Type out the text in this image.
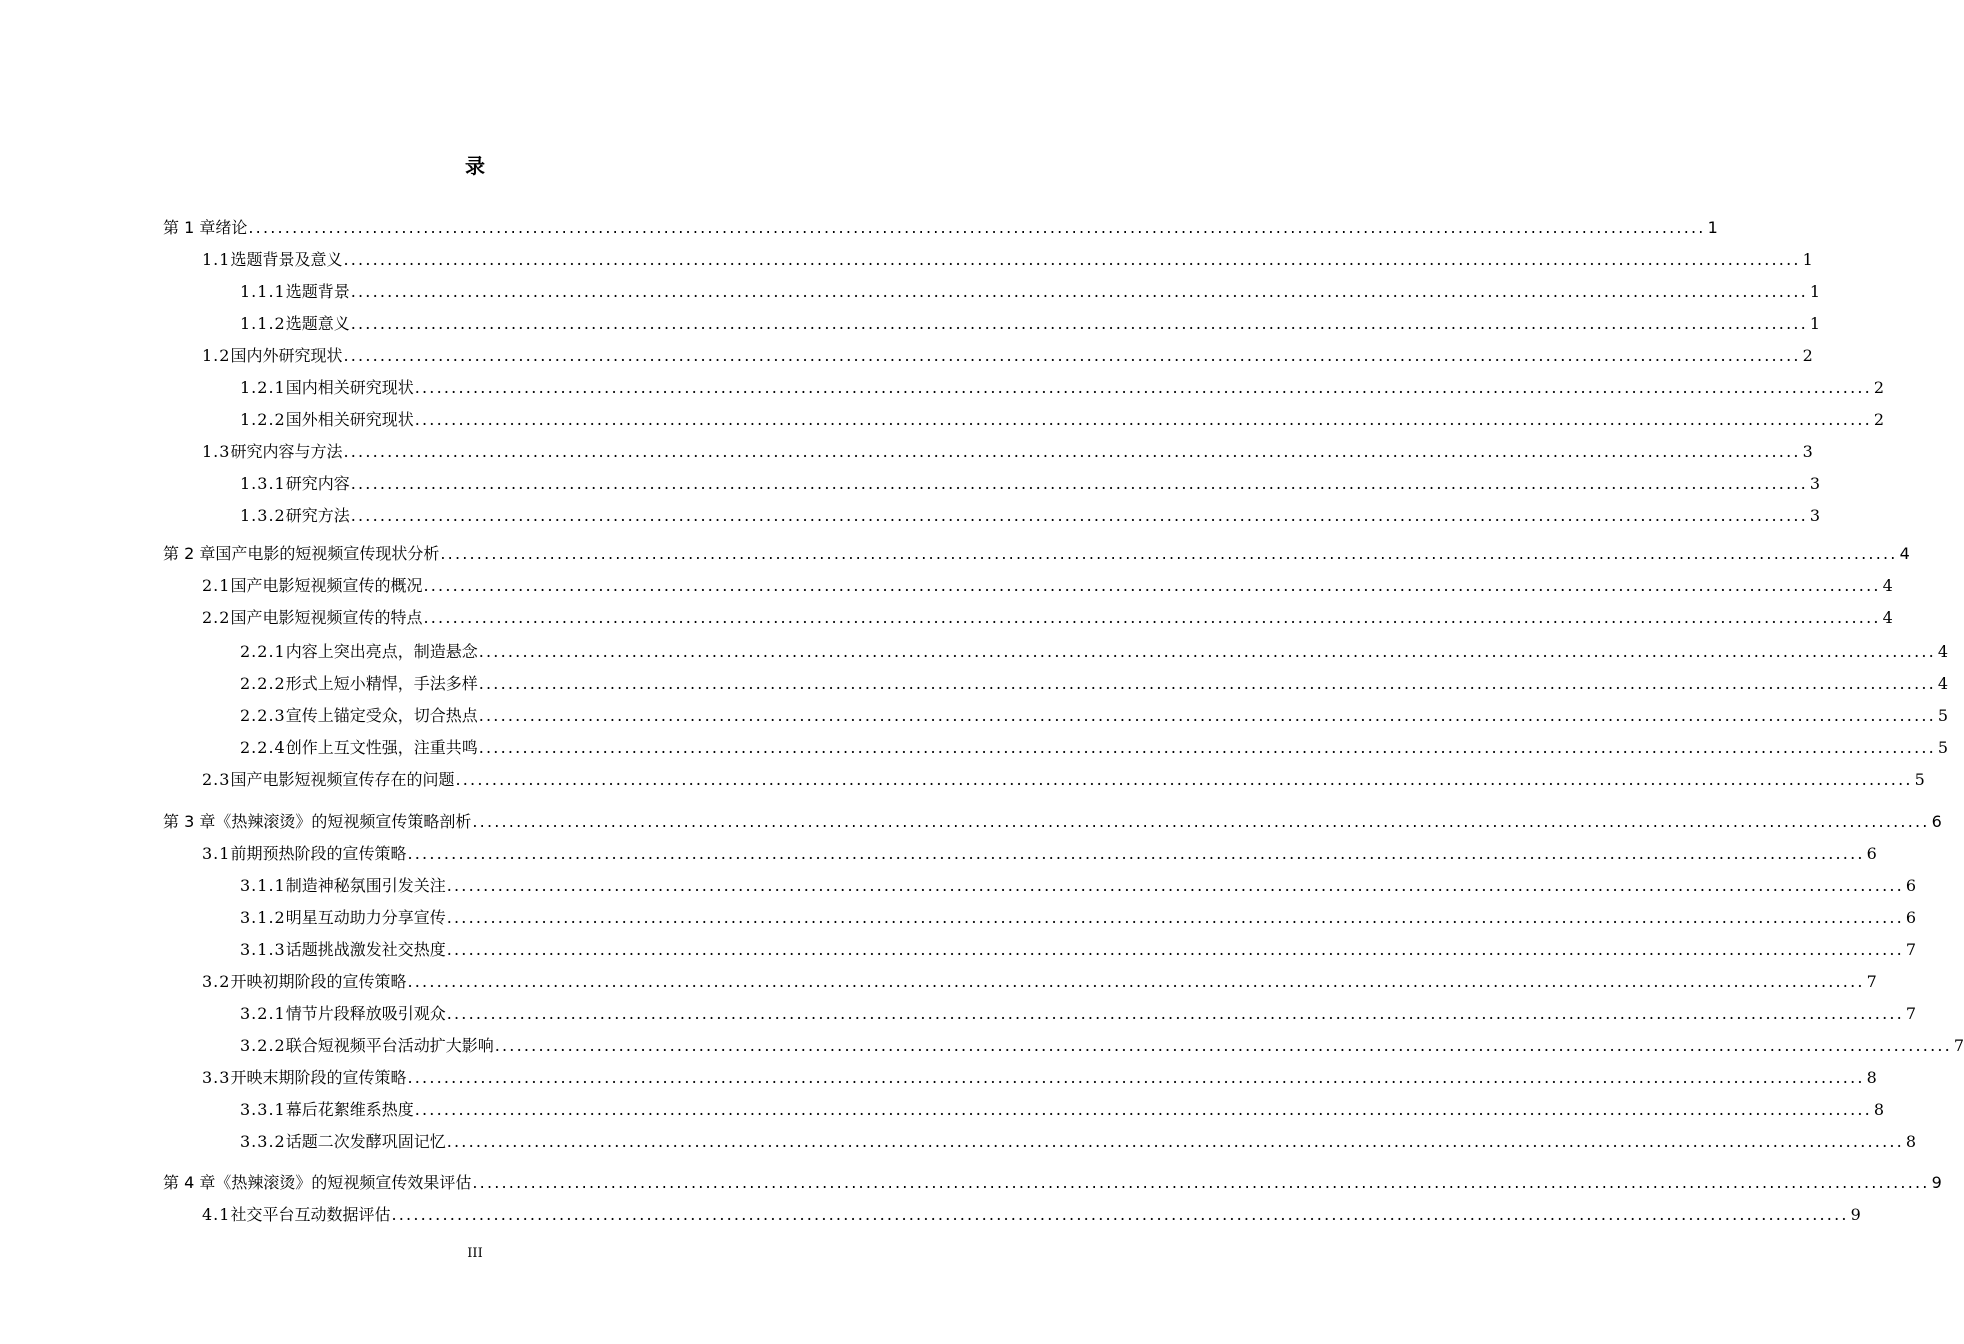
录
第 1 章 绪论 ........................................................................................................................................................................................................ 1
1.1 选题背景及意义 ........................................................................................................................................................................................................ 1
1.1.1 选题背景 ........................................................................................................................................................................................................ 1
1.1.2 选题意义 ........................................................................................................................................................................................................ 1
1.2 国内外研究现状 ........................................................................................................................................................................................................ 2
1.2.1 国内相关研究现状 ........................................................................................................................................................................................................ 2
1.2.2 国外相关研究现状 ........................................................................................................................................................................................................ 2
1.3 研究内容与方法 ........................................................................................................................................................................................................ 3
1.3.1 研究内容 ........................................................................................................................................................................................................ 3
1.3.2 研究方法 ........................................................................................................................................................................................................ 3
第 2 章 国产电影的短视频宣传现状分析 ........................................................................................................................................................................................................ 4
2.1 国产电影短视频宣传的概况 ........................................................................................................................................................................................................ 4
2.2 国产电影短视频宣传的特点 ........................................................................................................................................................................................................ 4
2.2.1 内容上突出亮点，制造悬念 ........................................................................................................................................................................................................ 4
2.2.2 形式上短小精悍，手法多样 ........................................................................................................................................................................................................ 4
2.2.3 宣传上锚定受众，切合热点 ........................................................................................................................................................................................................ 5
2.2.4 创作上互文性强，注重共鸣 ........................................................................................................................................................................................................ 5
2.3 国产电影短视频宣传存在的问题 ........................................................................................................................................................................................................ 5
第 3 章 《热辣滚烫》的短视频宣传策略剖析 ........................................................................................................................................................................................................ 6
3.1 前期预热阶段的宣传策略 ........................................................................................................................................................................................................ 6
3.1.1 制造神秘氛围引发关注 ........................................................................................................................................................................................................ 6
3.1.2 明星互动助力分享宣传 ........................................................................................................................................................................................................ 6
3.1.3 话题挑战激发社交热度 ........................................................................................................................................................................................................ 7
3.2 开映初期阶段的宣传策略 ........................................................................................................................................................................................................ 7
3.2.1 情节片段释放吸引观众 ........................................................................................................................................................................................................ 7
3.2.2 联合短视频平台活动扩大影响 ........................................................................................................................................................................................................ 7
3.3 开映末期阶段的宣传策略 ........................................................................................................................................................................................................ 8
3.3.1 幕后花絮维系热度 ........................................................................................................................................................................................................ 8
3.3.2 话题二次发酵巩固记忆 ........................................................................................................................................................................................................ 8
第 4 章 《热辣滚烫》的短视频宣传效果评估 ........................................................................................................................................................................................................ 9
4.1 社交平台互动数据评估 ........................................................................................................................................................................................................ 9
III
